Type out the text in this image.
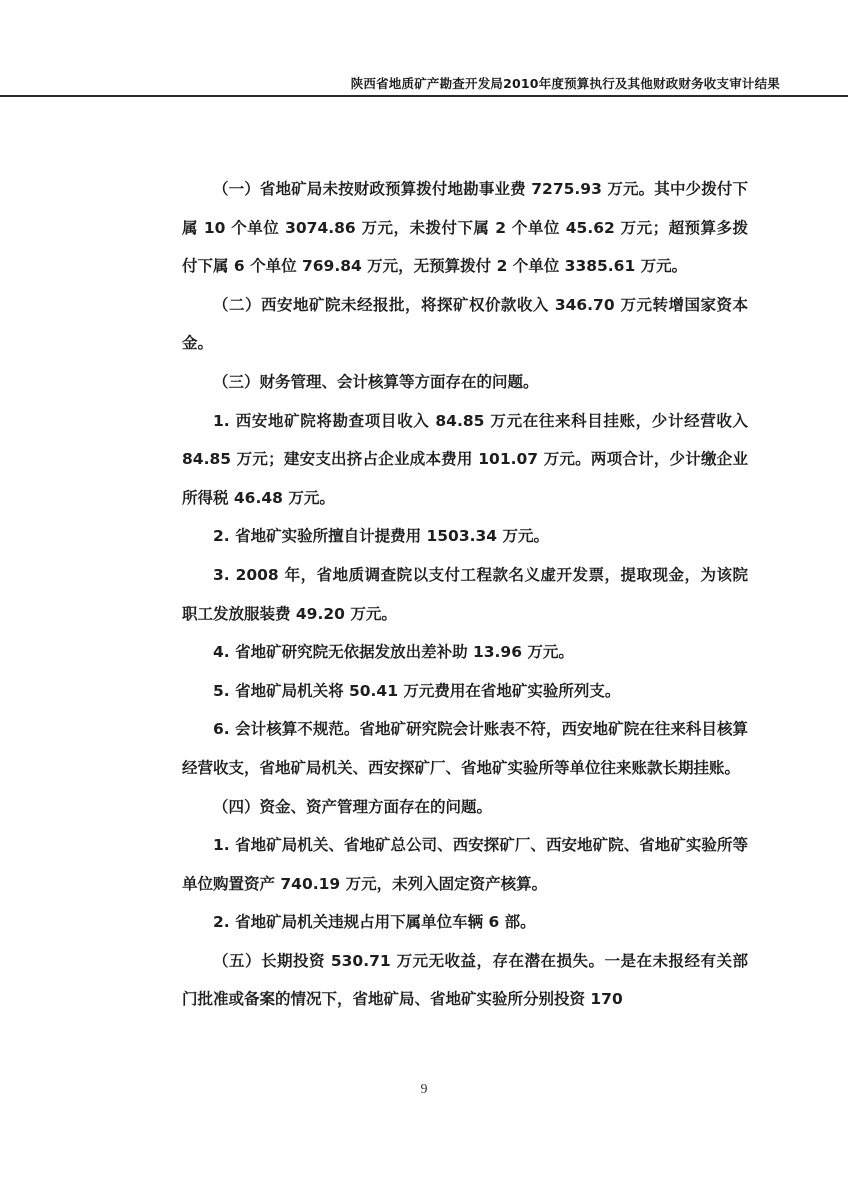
陕西省地质矿产勘查开发局2010年度预算执行及其他财政财务收支审计结果

（一）省地矿局未按财政预算拨付地勘事业费 7275.93 万元。其中少拨付下属 10 个单位 3074.86 万元，未拨付下属 2 个单位 45.62 万元；超预算多拨付下属 6 个单位 769.84 万元，无预算拨付 2 个单位 3385.61 万元。

（二）西安地矿院未经报批，将探矿权价款收入 346.70 万元转增国家资本金。

（三）财务管理、会计核算等方面存在的问题。

1. 西安地矿院将勘查项目收入 84.85 万元在往来科目挂账，少计经营收入 84.85 万元；建安支出挤占企业成本费用 101.07 万元。两项合计，少计缴企业所得税 46.48 万元。

2. 省地矿实验所擅自计提费用 1503.34 万元。

3. 2008 年，省地质调查院以支付工程款名义虚开发票，提取现金，为该院职工发放服装费 49.20 万元。

4. 省地矿研究院无依据发放出差补助 13.96 万元。

5. 省地矿局机关将 50.41 万元费用在省地矿实验所列支。

6. 会计核算不规范。省地矿研究院会计账表不符，西安地矿院在往来科目核算经营收支，省地矿局机关、西安探矿厂、省地矿实验所等单位往来账款长期挂账。

（四）资金、资产管理方面存在的问题。

1. 省地矿局机关、省地矿总公司、西安探矿厂、西安地矿院、省地矿实验所等单位购置资产 740.19 万元，未列入固定资产核算。

2. 省地矿局机关违规占用下属单位车辆 6 部。

（五）长期投资 530.71 万元无收益，存在潜在损失。一是在未报经有关部门批准或备案的情况下，省地矿局、省地矿实验所分别投资 170

9
